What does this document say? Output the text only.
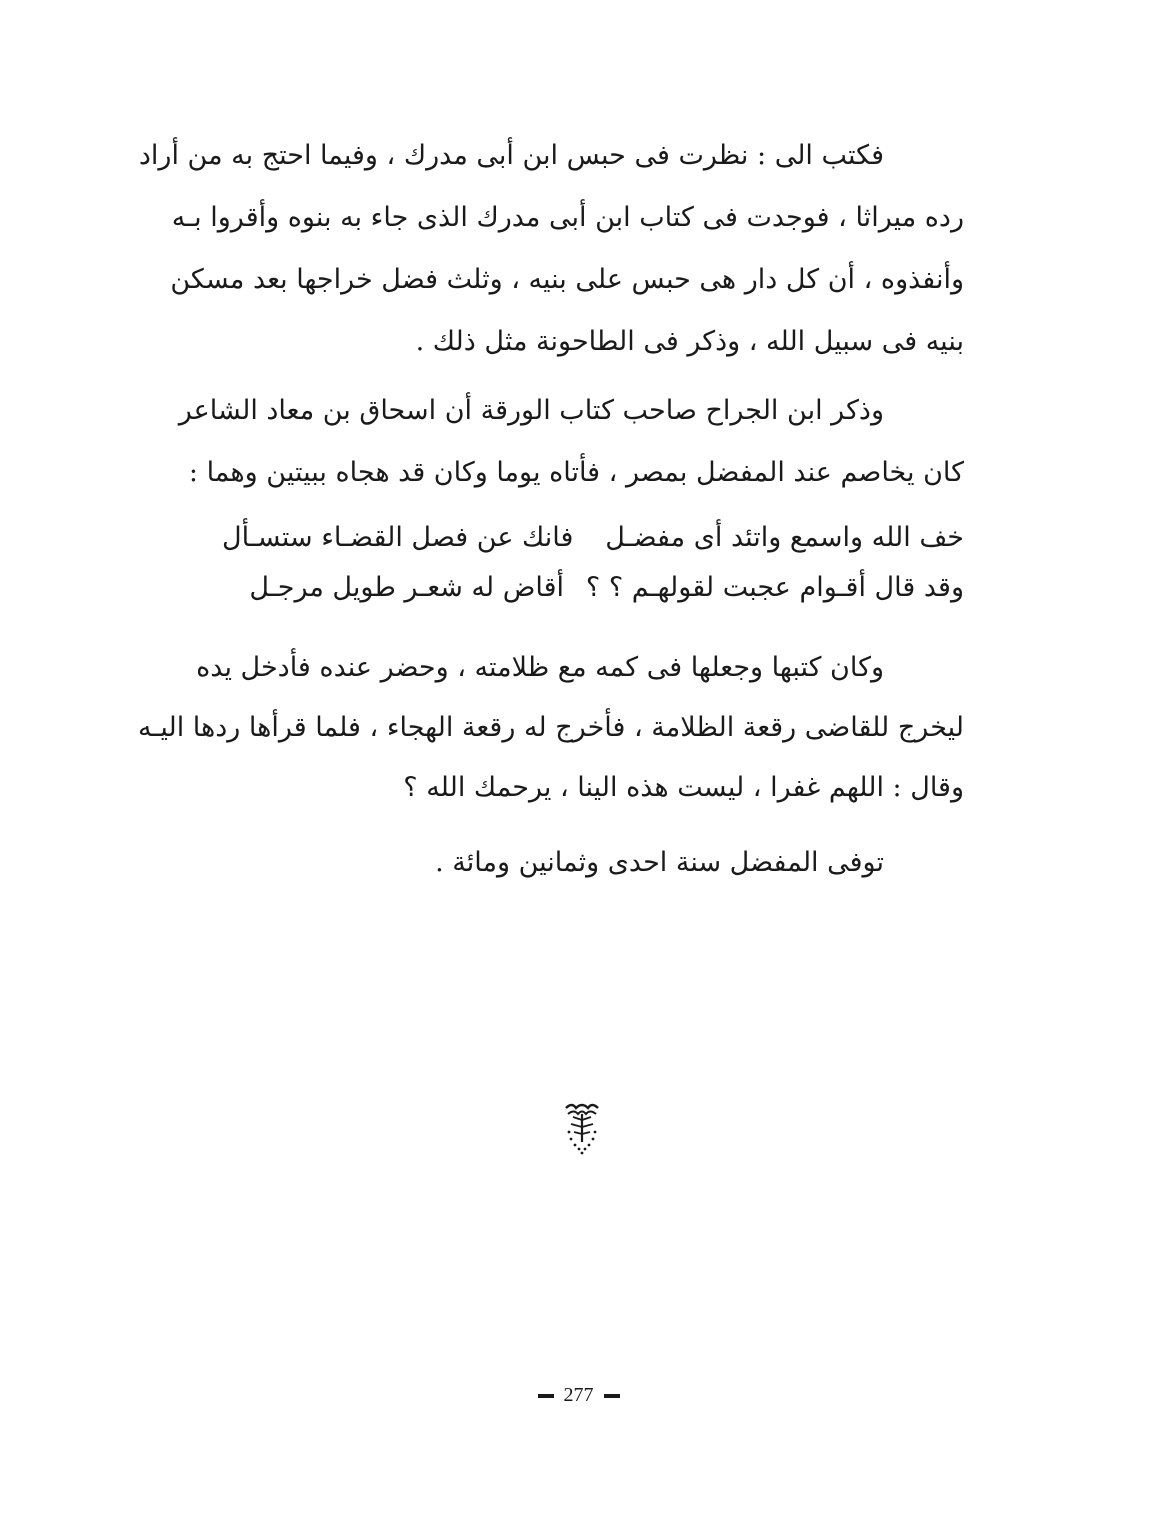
فكتب الى : نظرت فى حبس ابن أبى مدرك ، وفيما احتج به من أراد
رده ميراثا ، فوجدت فى كتاب ابن أبى مدرك الذى جاء به بنوه وأقروا بـه
وأنفذوه ، أن كل دار هى حبس على بنيه ، وثلث فضل خراجها بعد مسكن
بنيه فى سبيل الله ، وذكر فى الطاحونة مثل ذلك .
وذكر ابن الجراح صاحب كتاب الورقة أن اسحاق بن معاد الشاعر
كان يخاصم عند المفضل بمصر ، فأتاه يوما وكان قد هجاه ببيتين وهما :
خف الله واسمع واتئد أى مفضـل
فانك عن فصل القضـاء ستسـأل
أقاض له شعـر طويل مرجـل وقد قال أقـوام عجبت لقولهـم ؟ ؟
وكان كتبها وجعلها فى كمه مع ظلامته ، وحضر عنده فأدخل يده
ليخرج للقاضى رقعة الظلامة ، فأخرج له رقعة الهجاء ، فلما قرأها ردها اليـه
وقال : اللهم غفرا ، ليست هذه الينا ، يرحمك الله ؟
توفى المفضل سنة احدى وثمانين ومائة .
277
